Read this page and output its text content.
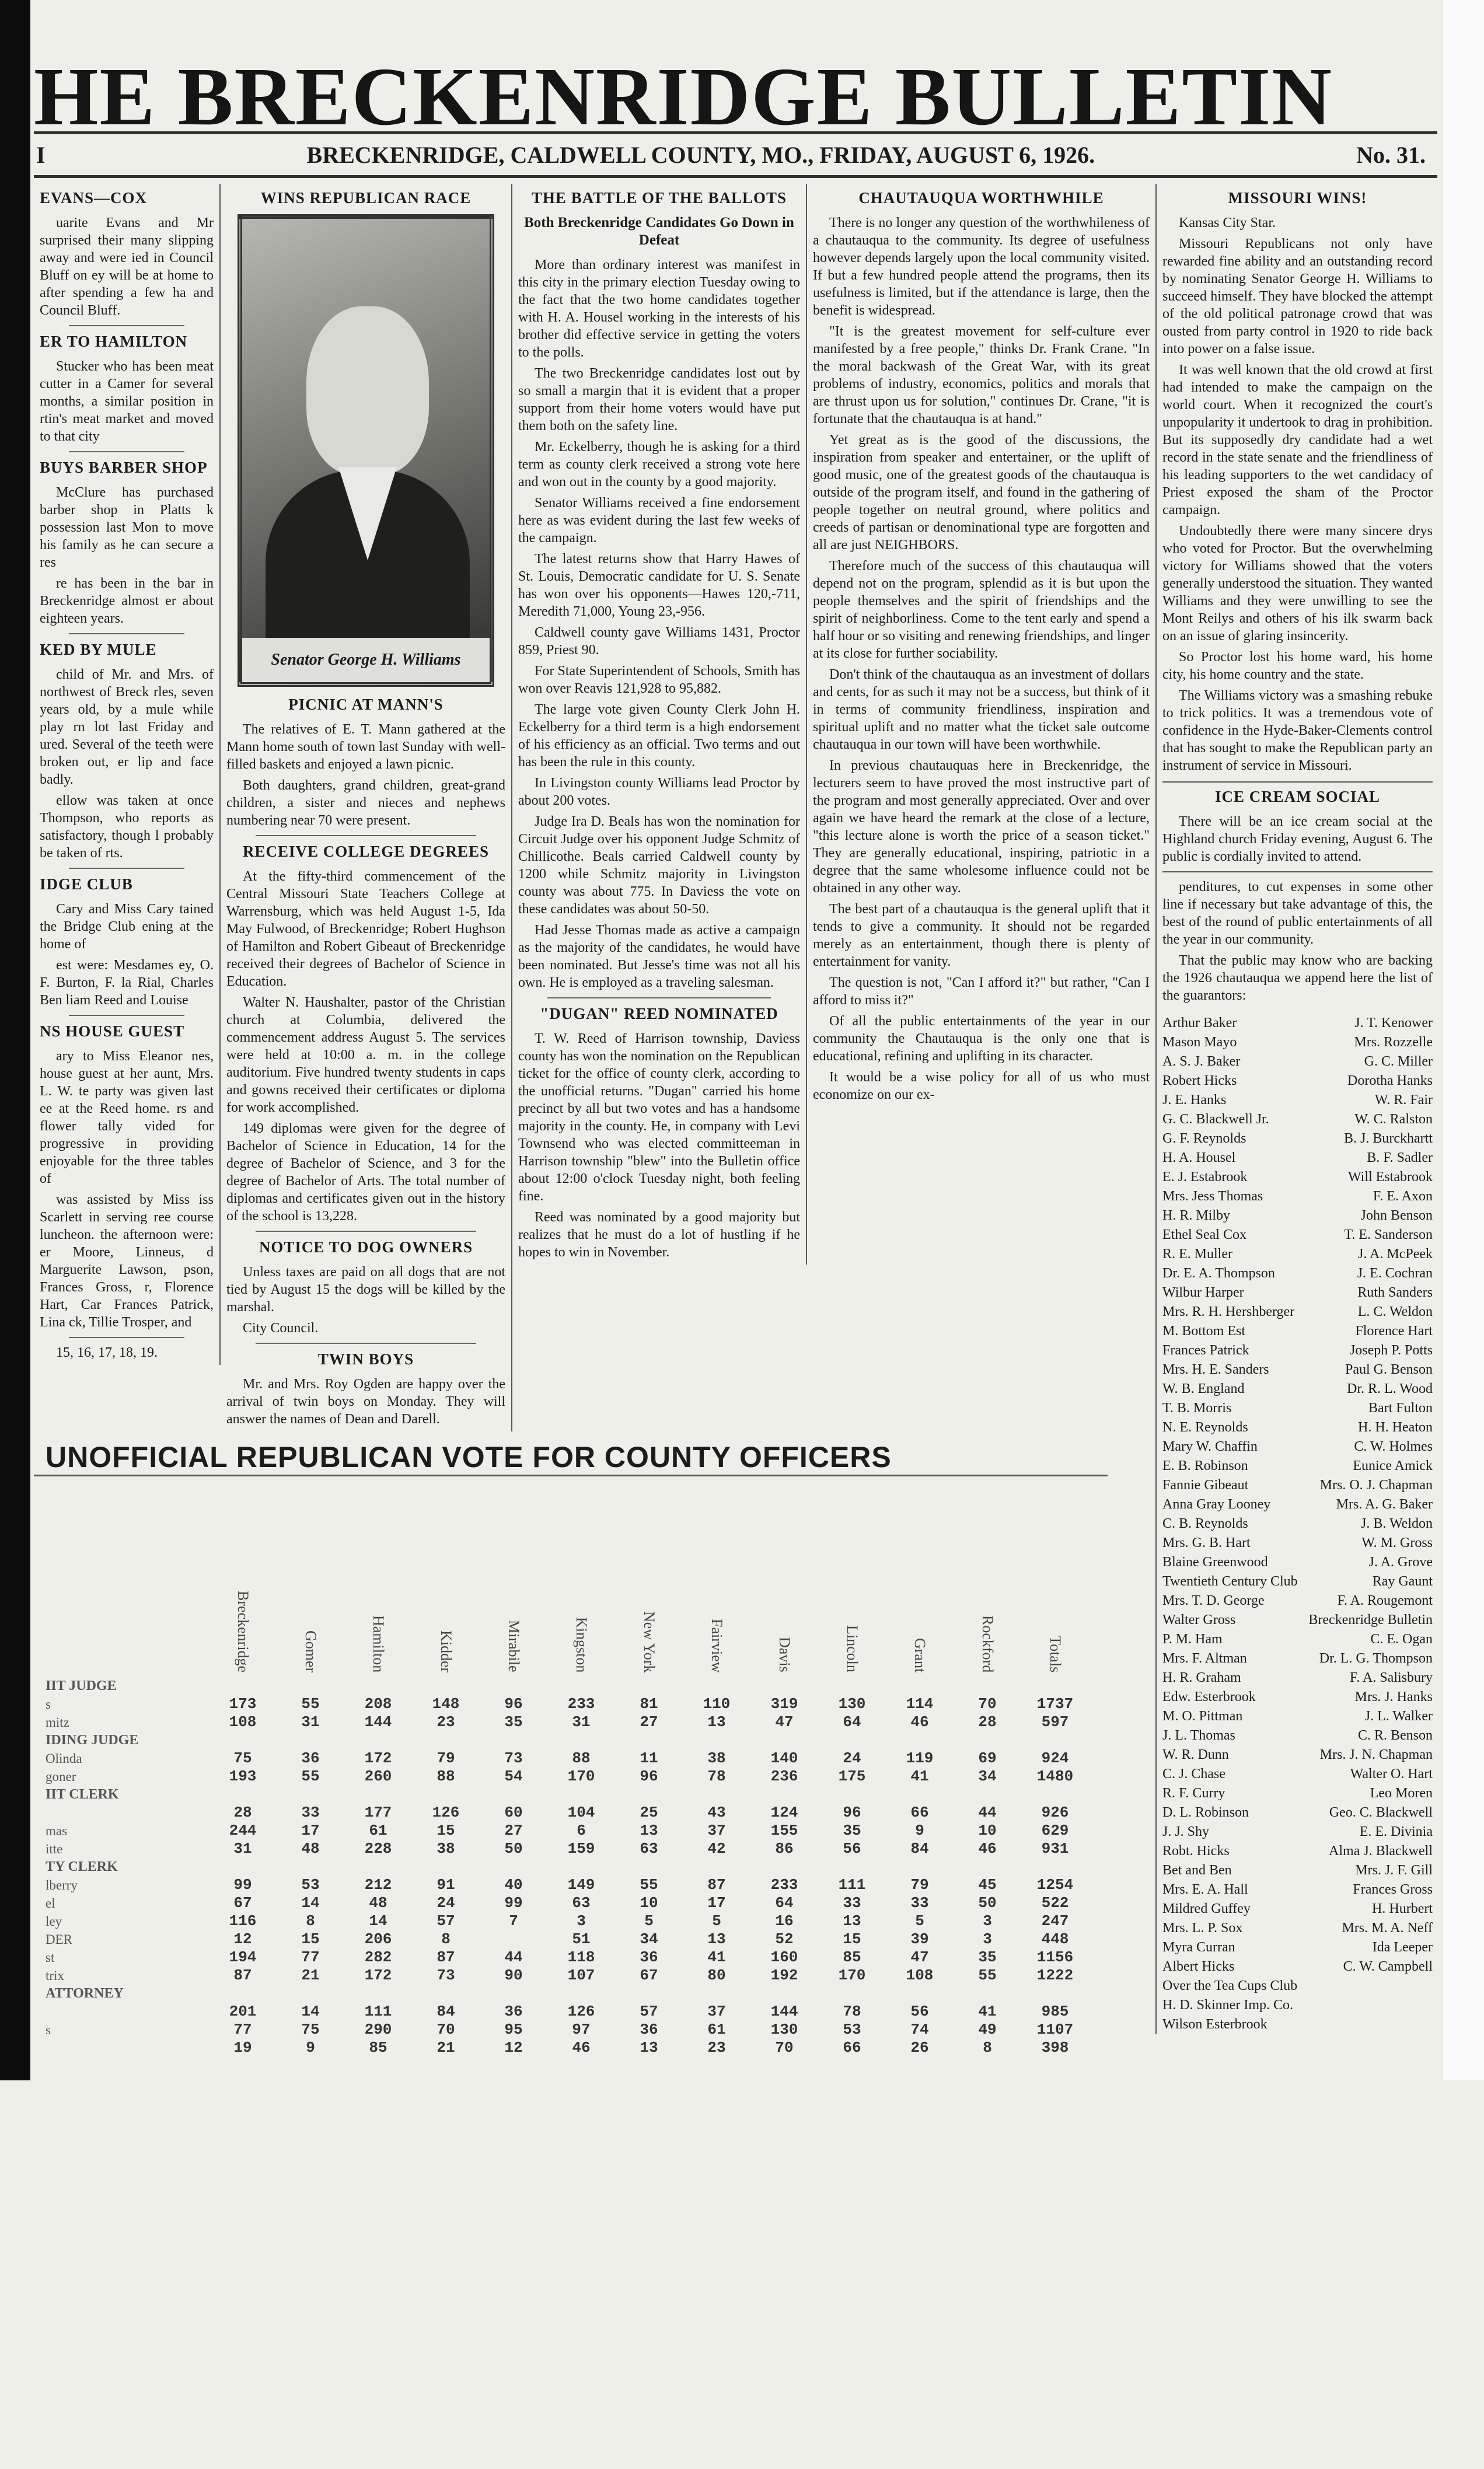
HE BRECKENRIDGE BULLETIN
I	BRECKENRIDGE, CALDWELL COUNTY, MO., FRIDAY, AUGUST 6, 1926.	No. 31.
EVANS—COX

uarite Evans and Mr surprised their many slipping away and were ied in Council Bluff on ey will be at home to after spending a few ha and Council Bluff.

ER TO HAMILTON

Stucker who has been meat cutter in a Camer for several months, a similar position in rtin's meat market and moved to that city

BUYS BARBER SHOP

McClure has purchased barber shop in Platts k possession last Mon to move his family as he can secure a res

re has been in the bar in Breckenridge almost er about eighteen years.

KED BY MULE

child of Mr. and Mrs. of northwest of Breck rles, seven years old, by a mule while play rn lot last Friday and ured. Several of the teeth were broken out, er lip and face badly.

ellow was taken at once Thompson, who reports as satisfactory, though l probably be taken of rts.

IDGE CLUB

Cary and Miss Cary tained the Bridge Club ening at the home of

est were: Mesdames ey, O. F. Burton, F. la Rial, Charles Ben liam Reed and Louise

NS HOUSE GUEST

ary to Miss Eleanor nes, house guest at her aunt, Mrs. L. W. te party was given last ee at the Reed home. rs and flower tally vided for progressive in providing enjoyable for the three tables of

was assisted by Miss iss Scarlett in serving ree course luncheon. the afternoon were: er Moore, Linneus, d Marguerite Lawson, pson, Frances Gross, r, Florence Hart, Car Frances Patrick, Lina ck, Tillie Trosper, and

15, 16, 17, 18, 19.

WINS REPUBLICAN RACE
Senator George H. Williams
PICNIC AT MANN'S

The relatives of E. T. Mann gathered at the Mann home south of town last Sunday with well-filled baskets and enjoyed a lawn picnic.

Both daughters, grand children, great-grand children, a sister and nieces and nephews numbering near 70 were present.

RECEIVE COLLEGE DEGREES

At the fifty-third commencement of the Central Missouri State Teachers College at Warrensburg, which was held August 1-5, Ida May Fulwood, of Breckenridge; Robert Hughson of Hamilton and Robert Gibeaut of Breckenridge received their degrees of Bachelor of Science in Education.

Walter N. Haushalter, pastor of the Christian church at Columbia, delivered the commencement address August 5. The services were held at 10:00 a. m. in the college auditorium. Five hundred twenty students in caps and gowns received their certificates or diploma for work accomplished.

149 diplomas were given for the degree of Bachelor of Science in Education, 14 for the degree of Bachelor of Science, and 3 for the degree of Bachelor of Arts. The total number of diplomas and certificates given out in the history of the school is 13,228.

NOTICE TO DOG OWNERS

Unless taxes are paid on all dogs that are not tied by August 15 the dogs will be killed by the marshal.

City Council.

TWIN BOYS

Mr. and Mrs. Roy Ogden are happy over the arrival of twin boys on Monday. They will answer the names of Dean and Darell.

THE BATTLE OF THE BALLOTS
Both Breckenridge Candidates Go Down in Defeat

More than ordinary interest was manifest in this city in the primary election Tuesday owing to the fact that the two home candidates together with H. A. Housel working in the interests of his brother did effective service in getting the voters to the polls.

The two Breckenridge candidates lost out by so small a margin that it is evident that a proper support from their home voters would have put them both on the safety line.

Mr. Eckelberry, though he is asking for a third term as county clerk received a strong vote here and won out in the county by a good majority.

Senator Williams received a fine endorsement here as was evident during the last few weeks of the campaign.

The latest returns show that Harry Hawes of St. Louis, Democratic candidate for U. S. Senate has won over his opponents—Hawes 120,-711, Meredith 71,000, Young 23,-956.

Caldwell county gave Williams 1431, Proctor 859, Priest 90.

For State Superintendent of Schools, Smith has won over Reavis 121,928 to 95,882.

The large vote given County Clerk John H. Eckelberry for a third term is a high endorsement of his efficiency as an official. Two terms and out has been the rule in this county.

In Livingston county Williams lead Proctor by about 200 votes.

Judge Ira D. Beals has won the nomination for Circuit Judge over his opponent Judge Schmitz of Chillicothe. Beals carried Caldwell county by 1200 while Schmitz majority in Livingston county was about 775. In Daviess the vote on these candidates was about 50-50.

Had Jesse Thomas made as active a campaign as the majority of the candidates, he would have been nominated. But Jesse's time was not all his own. He is employed as a traveling salesman.

"DUGAN" REED NOMINATED

T. W. Reed of Harrison township, Daviess county has won the nomination on the Republican ticket for the office of county clerk, according to the unofficial returns. "Dugan" carried his home precinct by all but two votes and has a handsome majority in the county. He, in company with Levi Townsend who was elected committeeman in Harrison township "blew" into the Bulletin office about 12:00 o'clock Tuesday night, both feeling fine.

Reed was nominated by a good majority but realizes that he must do a lot of hustling if he hopes to win in November.

CHAUTAUQUA WORTHWHILE

There is no longer any question of the worthwhileness of a chautauqua to the community. Its degree of usefulness however depends largely upon the local community visited. If but a few hundred people attend the programs, then its usefulness is limited, but if the attendance is large, then the benefit is widespread.

"It is the greatest movement for self-culture ever manifested by a free people," thinks Dr. Frank Crane. "In the moral backwash of the Great War, with its great problems of industry, economics, politics and morals that are thrust upon us for solution," continues Dr. Crane, "it is fortunate that the chautauqua is at hand."

Yet great as is the good of the discussions, the inspiration from speaker and entertainer, or the uplift of good music, one of the greatest goods of the chautauqua is outside of the program itself, and found in the gathering of people together on neutral ground, where politics and creeds of partisan or denominational type are forgotten and all are just NEIGHBORS.

Therefore much of the success of this chautauqua will depend not on the program, splendid as it is but upon the people themselves and the spirit of friendships and the spirit of neighborliness. Come to the tent early and spend a half hour or so visiting and renewing friendships, and linger at its close for further sociability.

Don't think of the chautauqua as an investment of dollars and cents, for as such it may not be a success, but think of it in terms of community friendliness, inspiration and spiritual uplift and no matter what the ticket sale outcome chautauqua in our town will have been worthwhile.

In previous chautauquas here in Breckenridge, the lecturers seem to have proved the most instructive part of the program and most generally appreciated. Over and over again we have heard the remark at the close of a lecture, "this lecture alone is worth the price of a season ticket." They are generally educational, inspiring, patriotic in a degree that the same wholesome influence could not be obtained in any other way.

The best part of a chautauqua is the general uplift that it tends to give a community. It should not be regarded merely as an entertainment, though there is plenty of entertainment for vanity.

The question is not, "Can I afford it?" but rather, "Can I afford to miss it?"

Of all the public entertainments of the year in our community the Chautauqua is the only one that is educational, refining and uplifting in its character.

It would be a wise policy for all of us who must economize on our ex-

UNOFFICIAL REPUBLICAN VOTE FOR COUNTY OFFICERS

	Breckenridge	Gomer	Hamilton	Kidder	Mirabile	Kingston	New York	Fairview	Davis	Lincoln	Grant	Rockford	Totals

IIT JUDGE													
s	173	55	208	148	96	233	81	110	319	130	114	70	1737
mitz	108	31	144	23	35	31	27	13	47	64	46	28	597
IDING JUDGE													
Olinda	75	36	172	79	73	88	11	38	140	24	119	69	924
goner	193	55	260	88	54	170	96	78	236	175	41	34	1480
IIT CLERK													
	28	33	177	126	60	104	25	43	124	96	66	44	926
mas	244	17	61	15	27	6	13	37	155	35	9	10	629
itte	31	48	228	38	50	159	63	42	86	56	84	46	931
TY CLERK													
lberry	99	53	212	91	40	149	55	87	233	111	79	45	1254
el	67	14	48	24	99	63	10	17	64	33	33	50	522
ley	116	8	14	57	7	3	5	5	16	13	5	3	247
DER	12	15	206	8		51	34	13	52	15	39	3	448
st	194	77	282	87	44	118	36	41	160	85	47	35	1156
trix	87	21	172	73	90	107	67	80	192	170	108	55	1222
ATTORNEY													
	201	14	111	84	36	126	57	37	144	78	56	41	985
s	77	75	290	70	95	97	36	61	130	53	74	49	1107
	19	9	85	21	12	46	13	23	70	66	26	8	398
MISSOURI WINS!

Kansas City Star.

Missouri Republicans not only have rewarded fine ability and an outstanding record by nominating Senator George H. Williams to succeed himself. They have blocked the attempt of the old political patronage crowd that was ousted from party control in 1920 to ride back into power on a false issue.

It was well known that the old crowd at first had intended to make the campaign on the world court. When it recognized the court's unpopularity it undertook to drag in prohibition. But its supposedly dry candidate had a wet record in the state senate and the friendliness of his leading supporters to the wet candidacy of Priest exposed the sham of the Proctor campaign.

Undoubtedly there were many sincere drys who voted for Proctor. But the overwhelming victory for Williams showed that the voters generally understood the situation. They wanted Williams and they were unwilling to see the Mont Reilys and others of his ilk swarm back on an issue of glaring insincerity.

So Proctor lost his home ward, his home city, his home country and the state.

The Williams victory was a smashing rebuke to trick politics. It was a tremendous vote of confidence in the Hyde-Baker-Clements control that has sought to make the Republican party an instrument of service in Missouri.

ICE CREAM SOCIAL

There will be an ice cream social at the Highland church Friday evening, August 6. The public is cordially invited to attend.

penditures, to cut expenses in some other line if necessary but take advantage of this, the best of the round of public entertainments of all the year in our community.

That the public may know who are backing the 1926 chautauqua we append here the list of the guarantors:

Arthur Baker	J. T. Kenower
Mason Mayo	Mrs. Rozzelle
A. S. J. Baker	G. C. Miller
Robert Hicks	Dorotha Hanks
J. E. Hanks	W. R. Fair
G. C. Blackwell Jr.	W. C. Ralston
G. F. Reynolds	B. J. Burckhartt
H. A. Housel	B. F. Sadler
E. J. Estabrook	Will Estabrook
Mrs. Jess Thomas	F. E. Axon
H. R. Milby	John Benson
Ethel Seal Cox	T. E. Sanderson
R. E. Muller	J. A. McPeek
Dr. E. A. Thompson	J. E. Cochran
Wilbur Harper	Ruth Sanders
Mrs. R. H. Hershberger	L. C. Weldon
M. Bottom Est	Florence Hart
Frances Patrick	Joseph P. Potts
Mrs. H. E. Sanders	Paul G. Benson
W. B. England	Dr. R. L. Wood
T. B. Morris	Bart Fulton
N. E. Reynolds	H. H. Heaton
Mary W. Chaffin	C. W. Holmes
E. B. Robinson	Eunice Amick
Fannie Gibeaut	Mrs. O. J. Chapman
Anna Gray Looney	Mrs. A. G. Baker
C. B. Reynolds	J. B. Weldon
Mrs. G. B. Hart	W. M. Gross
Blaine Greenwood	J. A. Grove
Twentieth Century Club	Ray Gaunt
Mrs. T. D. George	F. A. Rougemont
Walter Gross	Breckenridge Bulletin
P. M. Ham	C. E. Ogan
Mrs. F. Altman	Dr. L. G. Thompson
H. R. Graham	F. A. Salisbury
Edw. Esterbrook	Mrs. J. Hanks
M. O. Pittman	J. L. Walker
J. L. Thomas	C. R. Benson
W. R. Dunn	Mrs. J. N. Chapman
C. J. Chase	Walter O. Hart
R. F. Curry	Leo Moren
D. L. Robinson	Geo. C. Blackwell
J. J. Shy	E. E. Divinia
Robt. Hicks	Alma J. Blackwell
Bet and Ben	Mrs. J. F. Gill
Mrs. E. A. Hall	Frances Gross
Mildred Guffey	H. Hurbert
Mrs. L. P. Sox	Mrs. M. A. Neff
Myra Curran	Ida Leeper
Albert Hicks	C. W. Campbell
Over the Tea Cups Club
H. D. Skinner Imp. Co.
Wilson Esterbrook
